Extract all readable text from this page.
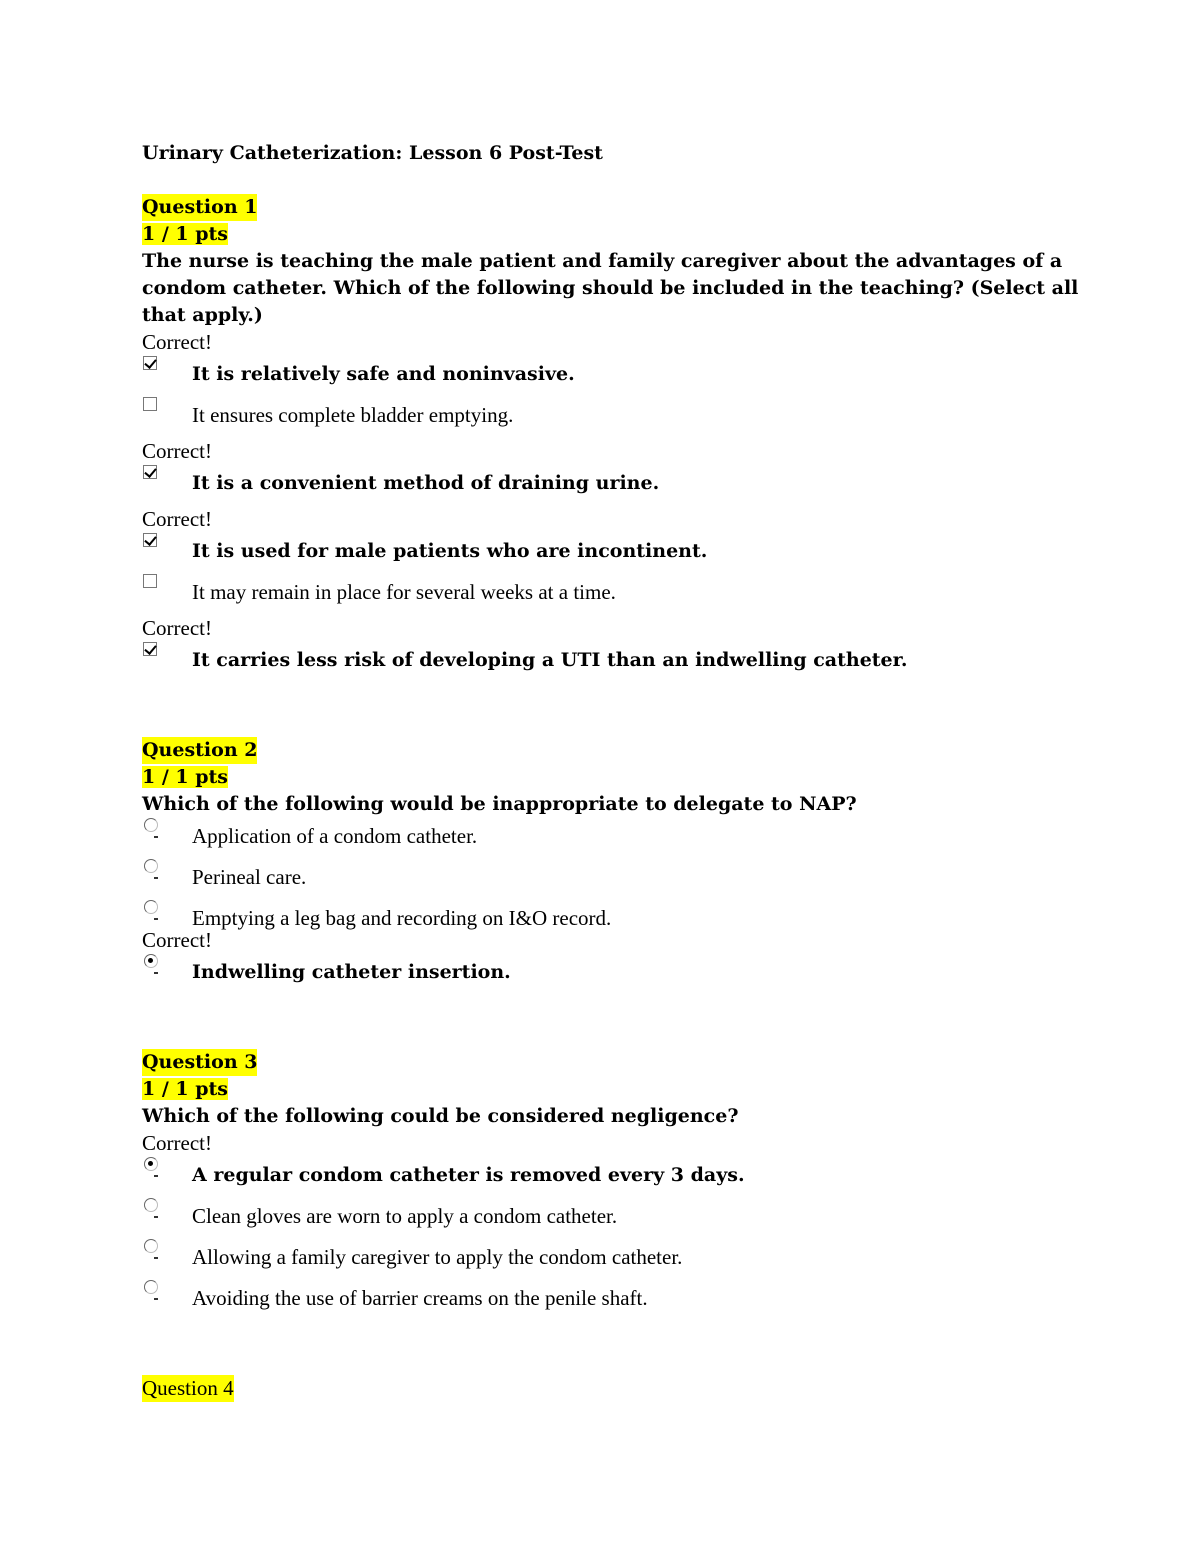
Urinary Catheterization: Lesson 6 Post-Test
Question 1
1 / 1 pts
The nurse is teaching the male patient and family caregiver about the advantages of a condom catheter. Which of the following should be included in the teaching? (Select all that apply.)
Correct!
It is relatively safe and noninvasive.
It ensures complete bladder emptying.
Correct!
It is a convenient method of draining urine.
Correct!
It is used for male patients who are incontinent.
It may remain in place for several weeks at a time.
Correct!
It carries less risk of developing a UTI than an indwelling catheter.
Question 2
1 / 1 pts
Which of the following would be inappropriate to delegate to NAP?
Application of a condom catheter.
Perineal care.
Emptying a leg bag and recording on I&O record.
Correct!
Indwelling catheter insertion.
Question 3
1 / 1 pts
Which of the following could be considered negligence?
Correct!
A regular condom catheter is removed every 3 days.
Clean gloves are worn to apply a condom catheter.
Allowing a family caregiver to apply the condom catheter.
Avoiding the use of barrier creams on the penile shaft.
Question 4
